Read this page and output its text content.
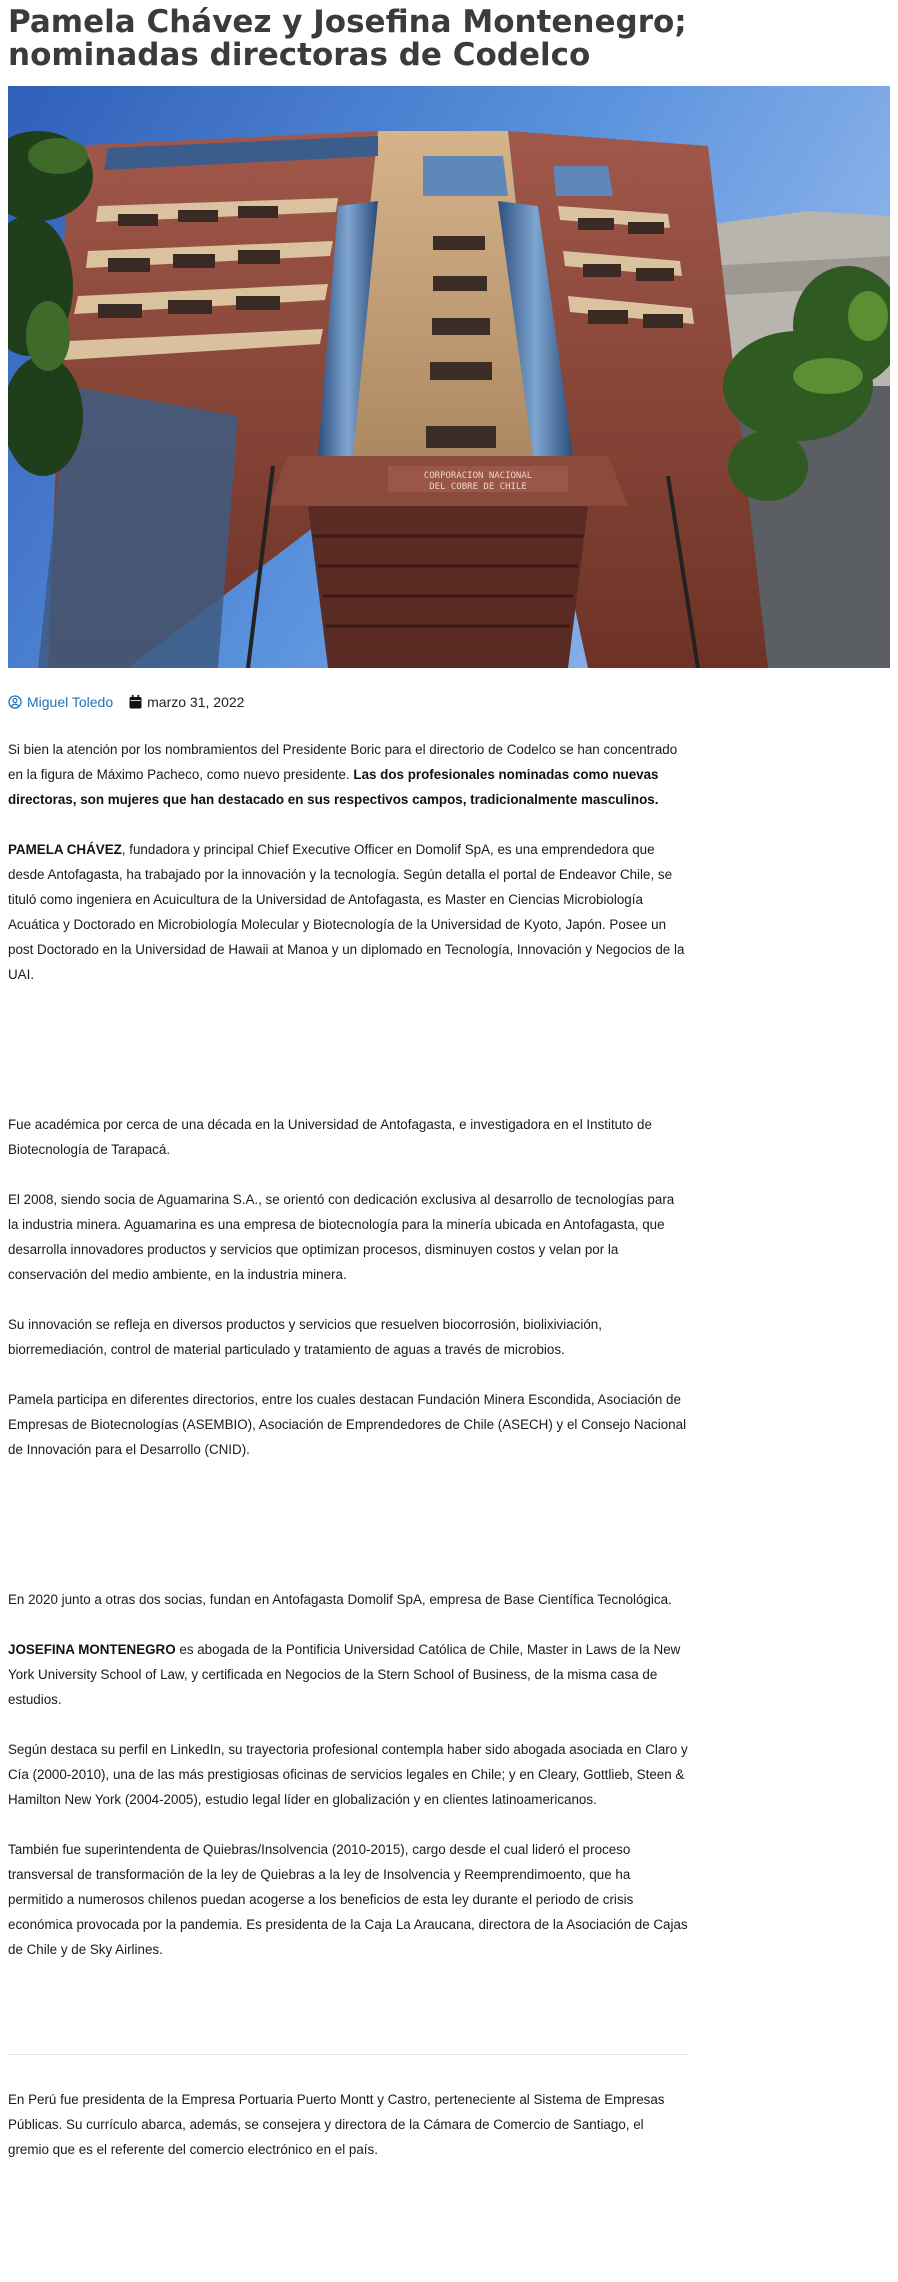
Pamela Chávez y Josefina Montenegro; nominadas directoras de Codelco
CORPORACION NACIONAL
DEL COBRE DE CHILE
Miguel Toledo marzo 31, 2022

Si bien la atención por los nombramientos del Presidente Boric para el directorio de Codelco se han concentrado en la figura de Máximo Pacheco, como nuevo presidente. Las dos profesionales nominadas como nuevas directoras, son mujeres que han destacado en sus respectivos campos, tradicionalmente masculinos.

PAMELA CHÁVEZ, fundadora y principal Chief Executive Officer en Domolif SpA, es una emprendedora que desde Antofagasta, ha trabajado por la innovación y la tecnología. Según detalla el portal de Endeavor Chile, se tituló como ingeniera en Acuicultura de la Universidad de Antofagasta, es Master en Ciencias Microbiología Acuática y Doctorado en Microbiología Molecular y Biotecnología de la Universidad de Kyoto, Japón. Posee un post Doctorado en la Universidad de Hawaii at Manoa y un diplomado en Tecnología, Innovación y Negocios de la UAI.

Fue académica por cerca de una década en la Universidad de Antofagasta, e investigadora en el Instituto de Biotecnología de Tarapacá.

El 2008, siendo socia de Aguamarina S.A., se orientó con dedicación exclusiva al desarrollo de tecnologías para la industria minera. Aguamarina es una empresa de biotecnología para la minería ubicada en Antofagasta, que desarrolla innovadores productos y servicios que optimizan procesos, disminuyen costos y velan por la conservación del medio ambiente, en la industria minera.

Su innovación se refleja en diversos productos y servicios que resuelven biocorrosión, biolixiviación, biorremediación, control de material particulado y tratamiento de aguas a través de microbios.

Pamela participa en diferentes directorios, entre los cuales destacan Fundación Minera Escondida, Asociación de Empresas de Biotecnologías (ASEMBIO), Asociación de Emprendedores de Chile (ASECH) y el Consejo Nacional de Innovación para el Desarrollo (CNID).

En 2020 junto a otras dos socias, fundan en Antofagasta Domolif SpA, empresa de Base Científica Tecnológica.

JOSEFINA MONTENEGRO es abogada de la Pontificia Universidad Católica de Chile, Master in Laws de la New York University School of Law, y certificada en Negocios de la Stern School of Business, de la misma casa de estudios.

Según destaca su perfil en LinkedIn, su trayectoria profesional contempla haber sido abogada asociada en Claro y Cía (2000-2010), una de las más prestigiosas oficinas de servicios legales en Chile; y en Cleary, Gottlieb, Steen & Hamilton New York (2004-2005), estudio legal líder en globalización y en clientes latinoamericanos.

También fue superintendenta de Quiebras/Insolvencia (2010-2015), cargo desde el cual lideró el proceso transversal de transformación de la ley de Quiebras a la ley de Insolvencia y Reemprendimoento, que ha permitido a numerosos chilenos puedan acogerse a los beneficios de esta ley durante el periodo de crisis económica provocada por la pandemia. Es presidenta de la Caja La Araucana, directora de la Asociación de Cajas de Chile y de Sky Airlines.

En Perú fue presidenta de la Empresa Portuaria Puerto Montt y Castro, perteneciente al Sistema de Empresas Públicas. Su currículo abarca, además, se consejera y directora de la Cámara de Comercio de Santiago, el gremio que es el referente del comercio electrónico en el país.
